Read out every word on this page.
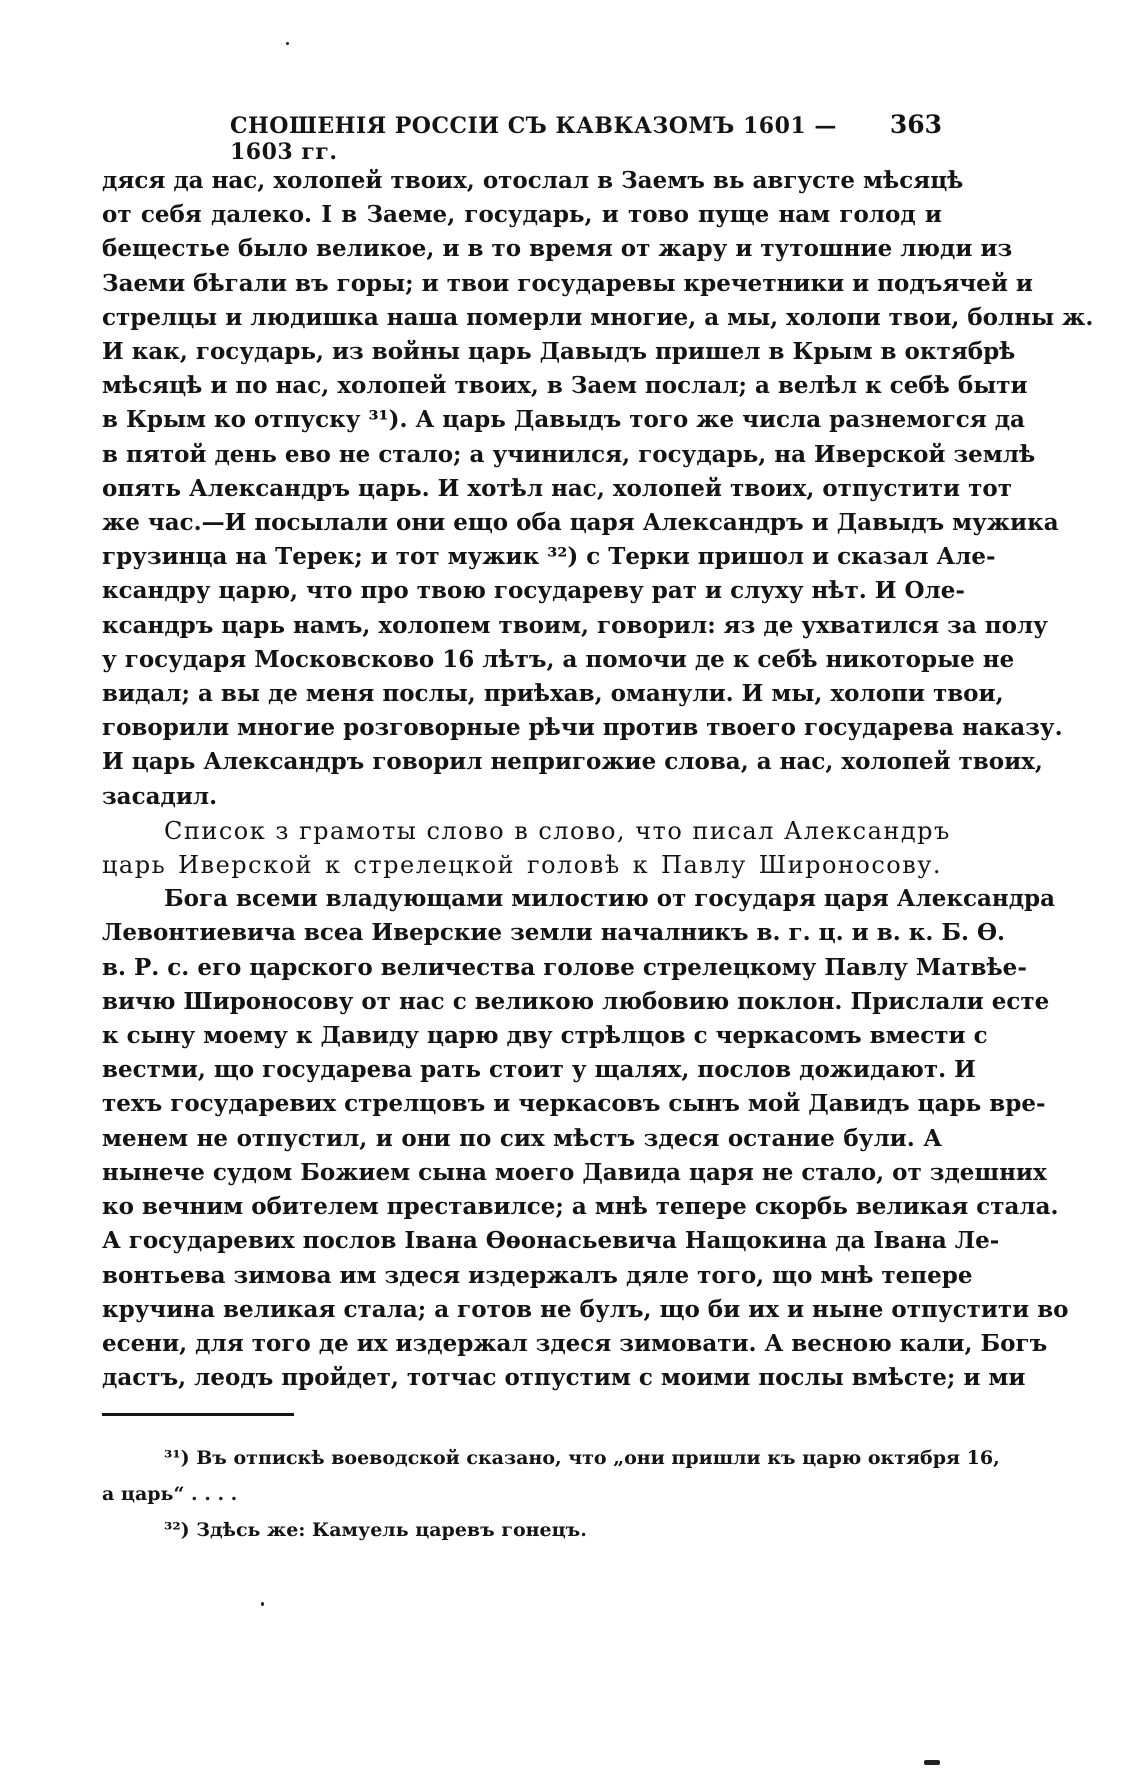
СНОШЕНІЯ РОССІИ СЪ КАВКАЗОМЪ 1601 — 1603 гг.
363
дяся да нас, холопей твоих, отослал в Заемъ вь августе мѣсяцѣ
от себя далеко. I в Заеме, государь, и тово пуще нам голод и
бещестье было великое, и в то время от жару и тутошние люди из
Заеми бѣгали въ горы; и твои государевы кречетники и подъячей и
стрелцы и людишка наша померли многие, а мы, холопи твои, болны ж.
И как, государь, из войны царь Давыдъ пришел в Крым в октябрѣ
мѣсяцѣ и по нас, холопей твоих, в Заем послал; а велѣл к себѣ быти
в Крым ко отпуску ³¹). А царь Давыдъ того же числа разнемогся да
в пятой день ево не стало; а учинился, государь, на Иверской землѣ
опять Александръ царь. И хотѣл нас, холопей твоих, отпустити тот
же час.—И посылали они ещо оба царя Александръ и Давыдъ мужика
грузинца на Терек; и тот мужик ³²) с Терки пришол и сказал Але-
ксандру царю, что про твою государеву рат и слуху нѣт. И Оле-
ксандръ царь намъ, холопем твоим, говорил: яз де ухватился за полу
у государя Московсково 16 лѣтъ, а помочи де к себѣ никоторые не
видал; а вы де меня послы, приѣхав, оманули. И мы, холопи твои,
говорили многие розговорные рѣчи против твоего государева наказу.
И царь Александръ говорил непригожие слова, а нас, холопей твоих,
засадил.
Список з грамоты слово в слово, что писал Александръ
царь Иверской к стрелецкой головѣ к Павлу Широносову.
Бога всеми владующами милостию от государя царя Александра
Левонтиевича всеа Иверские земли началникъ в. г. ц. и в. к. Б. Ѳ.
в. Р. с. его царского величества голове стрелецкому Павлу Матвѣе-
вичю Широносову от нас с великою любовию поклон. Прислали есте
к сыну моему к Давиду царю дву стрѣлцов с черкасомъ вмести с
вестми, що государева рать стоит у щалях, послов дожидают. И
техъ государевих стрелцовъ и черкасовъ сынъ мой Давидъ царь вре-
менем не отпустил, и они по сих мѣстъ здеся остание були. А
нынече судом Божием сына моего Давида царя не стало, от здешних
ко вечним обителем преставилсе; а мнѣ тепере скорбь великая стала.
А государевих послов Івана Ѳѳонасьевича Нащокина да Івана Ле-
вонтьева зимова им здеся издержалъ дяле того, що мнѣ тепере
кручина великая стала; а готов не булъ, що би их и ныне отпустити во
есени, для того де их издержал здеся зимовати. А весною кали, Богъ
дастъ, леодъ пройдет, тотчас отпустим с моими послы вмѣсте; и ми
³¹) Въ отпискѣ воеводской сказано, что „они пришли къ царю октября 16,
а царь“ . . . .
³²) Здѣсь же: Камуель царевъ гонецъ.
